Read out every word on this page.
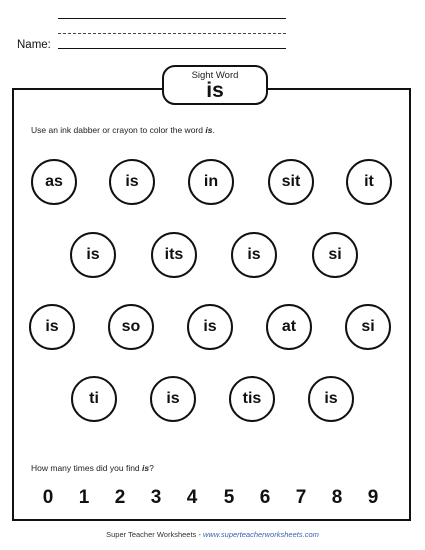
Name:
Sight Word
is
Use an ink dabber or crayon to color the word is.
as	is	in	sit	it
is	its	is	si
is	so	is	at	si
ti	is	tis	is
How many times did you find is?
0 1 2 3 4 5 6 7 8 9
Super Teacher Worksheets - www.superteacherworksheets.com
